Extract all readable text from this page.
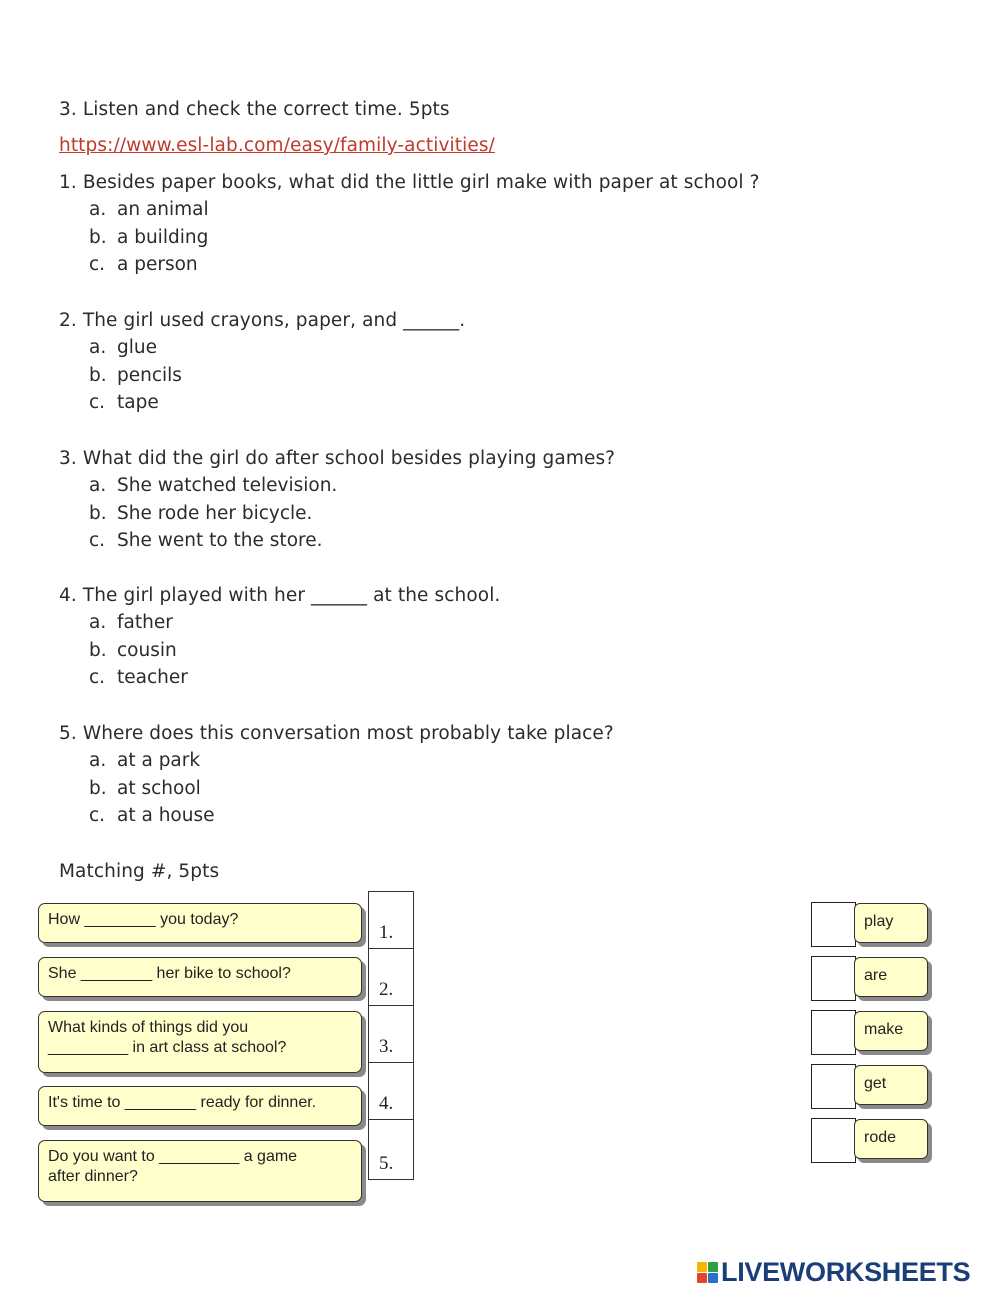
3. Listen and check the correct time. 5pts
https://www.esl-lab.com/easy/family-activities/
1. Besides paper books, what did the little girl make with paper at school ?
a. an animal
b. a building
c. a person
2. The girl used crayons, paper, and ______.
a. glue
b. pencils
c. tape
3. What did the girl do after school besides playing games?
a. She watched television.
b. She rode her bicycle.
c. She went to the store.
4. The girl played with her ______ at the school.
a. father
b. cousin
c. teacher
5. Where does this conversation most probably take place?
a. at a park
b. at school
c. at a house
Matching #, 5pts
How ________ you today?
She ________ her bike to school?
What kinds of things did you
_________ in art class at school?
It's time to ________ ready for dinner.
Do you want to _________ a game
after dinner?
1.
2.
3.
4.
5.
play
are
make
get
rode
LIVEWORKSHEETS
